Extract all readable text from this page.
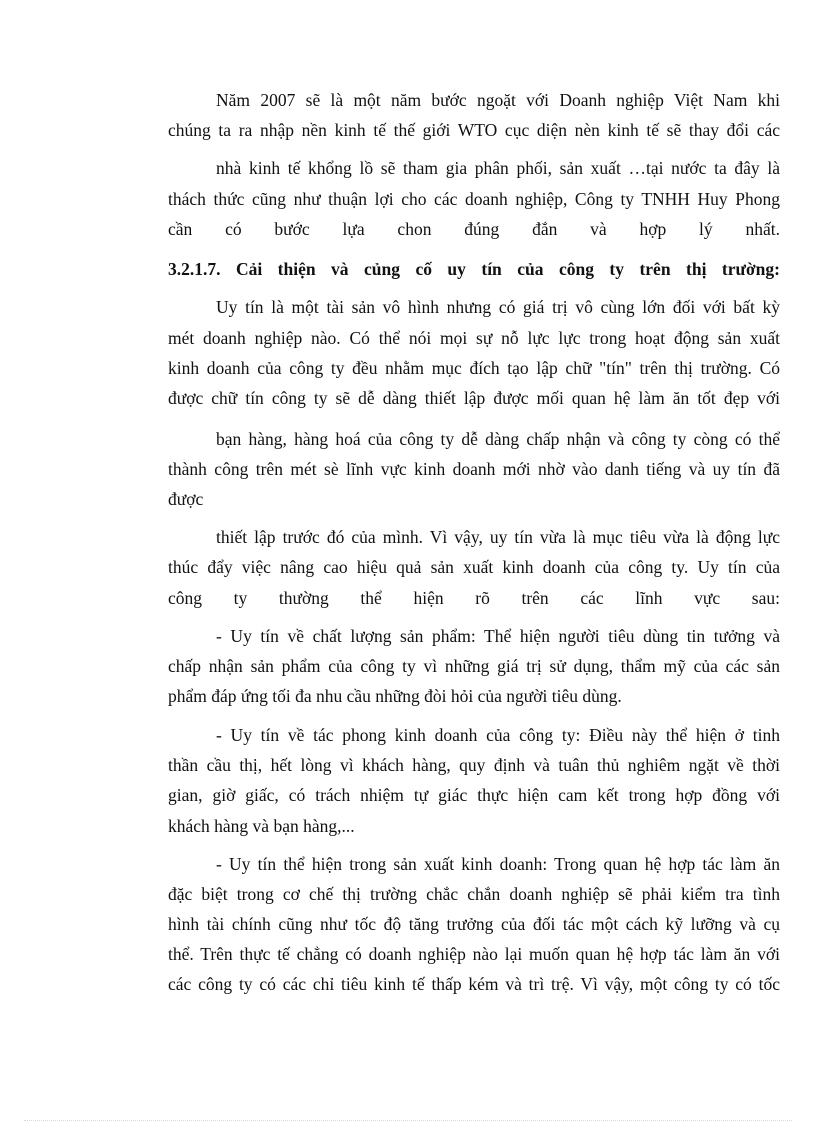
Năm 2007 sẽ là một năm bước ngoặt với Doanh nghiệp Việt Nam khi
chúng ta ra nhập nền kinh tế thế giới WTO cục diện nèn kinh tế sẽ thay đổi các
nhà kinh tế khổng lồ sẽ tham gia phân phối, sản xuất …tại nước ta đây là
thách thức cũng như thuận lợi cho các doanh nghiệp, Công ty TNHH Huy Phong
cần có bước lựa chon đúng đắn và hợp lý nhất.
3.2.1.7. Cải thiện và củng cố uy tín của công ty trên thị trường:
Uy tín là một tài sản vô hình nhưng có giá trị vô cùng lớn đối với bất kỳ
mét doanh nghiệp nào. Có thể nói mọi sự nỗ lực lực trong hoạt động sản xuất
kinh doanh của công ty đều nhằm mục đích tạo lập chữ "tín" trên thị trường. Có
được chữ tín công ty sẽ dễ dàng thiết lập được mối quan hệ làm ăn tốt đẹp với
bạn hàng, hàng hoá của công ty dễ dàng chấp nhận và công ty còng có thể
thành công trên mét sè lĩnh vực kinh doanh mới nhờ vào danh tiếng và uy tín đã
được
thiết lập trước đó của mình. Vì vậy, uy tín vừa là mục tiêu vừa là động lực
thúc đẩy việc nâng cao hiệu quả sản xuất kinh doanh của công ty. Uy tín của
công ty thường thể hiện rõ trên các lĩnh vực sau:
- Uy tín về chất lượng sản phẩm: Thể hiện người tiêu dùng tin tưởng và
chấp nhận sản phẩm của công ty vì những giá trị sử dụng, thẩm mỹ của các sản
phẩm đáp ứng tối đa nhu cầu những đòi hỏi của người tiêu dùng.
- Uy tín về tác phong kinh doanh của công ty: Điều này thể hiện ở tinh
thần cầu thị, hết lòng vì khách hàng, quy định và tuân thủ nghiêm ngặt về thời
gian, giờ giấc, có trách nhiệm tự giác thực hiện cam kết trong hợp đồng với
khách hàng và bạn hàng,...
- Uy tín thể hiện trong sản xuất kinh doanh: Trong quan hệ hợp tác làm ăn
đặc biệt trong cơ chế thị trường chắc chắn doanh nghiệp sẽ phải kiểm tra tình
hình tài chính cũng như tốc độ tăng trưởng của đối tác một cách kỹ lưỡng và cụ
thể. Trên thực tế chẳng có doanh nghiệp nào lại muốn quan hệ hợp tác làm ăn với
các công ty có các chỉ tiêu kinh tế thấp kém và trì trệ. Vì vậy, một công ty có tốc
